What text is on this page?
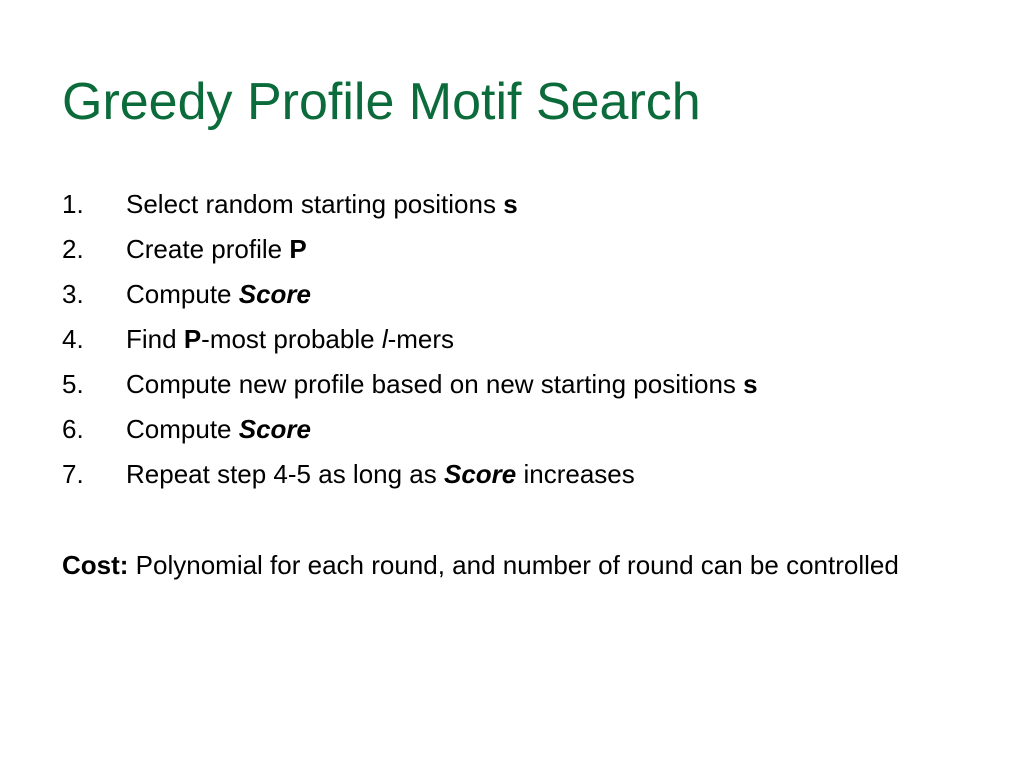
Greedy Profile Motif Search
1.	Select random starting positions s
2.	Create profile P
3.	Compute Score
4.	Find P-most probable l-mers
5.	Compute new profile based on new starting positions s
6.	Compute Score
7.	Repeat step 4-5 as long as Score increases
Cost: Polynomial for each round, and number of round can be controlled
